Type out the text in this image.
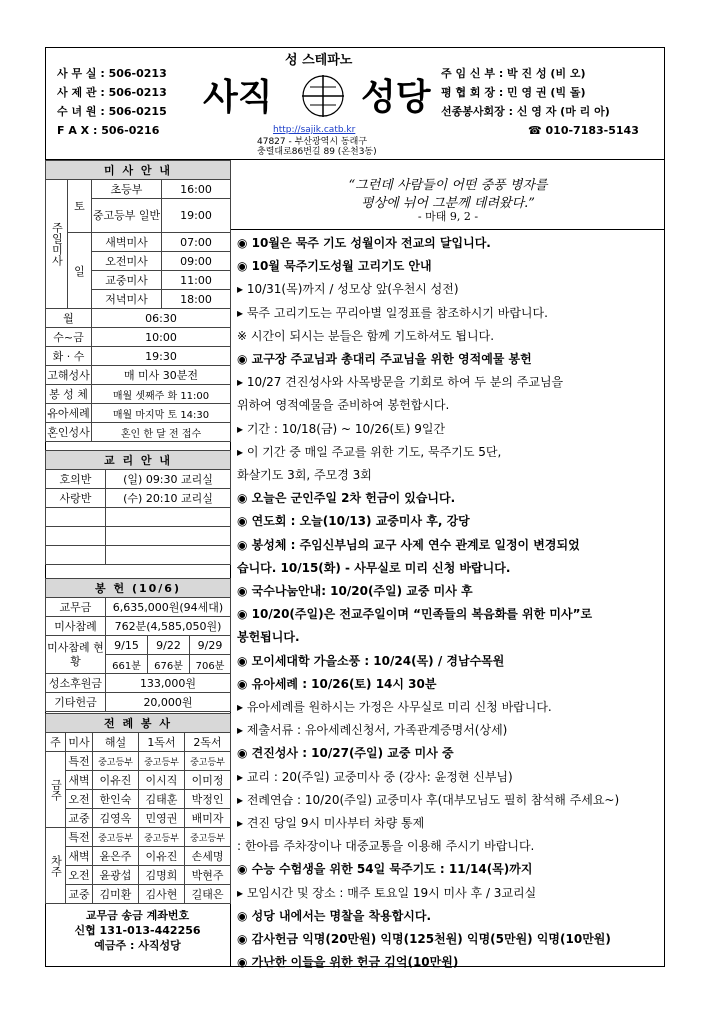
성 스테파노
사 무 실 : 506-0213
사 제 관 : 506-0213
수 녀 원 : 506-0215
F A X : 506-0216
사직 성당
http://sajik.catb.kr
47827 - 부산광역시 동래구
충렬대로86번길 89 (온천3동)
주 임 신 부 : 박 진 성 (비 오)
평 협 회 장 : 민 영 권 (빅 돌)
선종봉사회장 : 신 영 자 (마 리 아)
☎ 010-7183-5143
미 사 안 내			
주일미사	토	초등부	16:00
		중고등부 일반	19:00
	일	새벽미사	07:00
		오전미사	09:00
		교중미사	11:00
		저녁미사	18:00
월		06:30	
수~금		10:00	
화 · 수		19:30	
고해성사		매 미사 30분전	
봉 성 체		매월 셋째주 화 11:00	
유아세례		매월 마지막 토 14:30	
혼인성사		혼인 한 달 전 접수	
교 리 안 내	
호의반	(일) 09:30 교리실
사랑반	(수) 20:10 교리실

봉 헌 (10/6)			
교무금	6,635,000원(94세대)		
미사참례	762분(4,585,050원)		
미사참례 현황	9/15	9/22	9/29
	661분	676분	706분
성소후원금	133,000원		
기타헌금	20,000원		
전 례 봉 사				
주	미사	해설	1독서	2독서
금주	특전	중고등부	중고등부	중고등부
	새벽	이유진	이시직	이미정
	오전	한인숙	김태훈	박정인
	교중	김영옥	민영권	배미자
차주	특전	중고등부	중고등부	중고등부
	새벽	윤은주	이유진	손세명
	오전	윤광섭	김명희	박현주
	교중	김미환	김사현	길태은
교무금 송금 계좌번호
신협 131-013-442256
예금주 : 사직성당
“그런데 사람들이 어떤 중풍 병자를
평상에 뉘어 그분께 데려왔다.”
- 마태 9, 2 -
◉ 10월은 묵주 기도 성월이자 전교의 달입니다.
◉ 10월 묵주기도성월 고리기도 안내
▸ 10/31(목)까지 / 성모상 앞(우천시 성전)
▸ 묵주 고리기도는 꾸리아별 일정표를 참조하시기 바랍니다.
※ 시간이 되시는 분들은 함께 기도하셔도 됩니다.
◉ 교구장 주교님과 총대리 주교님을 위한 영적예물 봉헌
▸ 10/27 견진성사와 사목방문을 기회로 하여 두 분의 주교님을
위하여 영적예물을 준비하여 봉헌합시다.
▸ 기간 : 10/18(금) ~ 10/26(토) 9일간
▸ 이 기간 중 매일 주교를 위한 기도, 묵주기도 5단,
화살기도 3회, 주모경 3회
◉ 오늘은 군인주일 2차 헌금이 있습니다.
◉ 연도회 : 오늘(10/13) 교중미사 후, 강당
◉ 봉성체 : 주임신부님의 교구 사제 연수 관계로 일정이 변경되었
습니다. 10/15(화) - 사무실로 미리 신청 바랍니다.
◉ 국수나눔안내: 10/20(주일) 교중 미사 후
◉ 10/20(주일)은 전교주일이며 “민족들의 복음화를 위한 미사”로
봉헌됩니다.
◉ 모이세대학 가을소풍 : 10/24(목) / 경남수목원
◉ 유아세례 : 10/26(토) 14시 30분
▸ 유아세례를 원하시는 가정은 사무실로 미리 신청 바랍니다.
▸ 제출서류 : 유아세례신청서, 가족관계증명서(상세)
◉ 견진성사 : 10/27(주일) 교중 미사 중
▸ 교리 : 20(주일) 교중미사 중 (강사: 윤정현 신부님)
▸ 전례연습 : 10/20(주일) 교중미사 후(대부모님도 필히 참석해 주세요~)
▸ 견진 당일 9시 미사부터 차량 통제
: 한아름 주차장이나 대중교통을 이용해 주시기 바랍니다.
◉ 수능 수험생을 위한 54일 묵주기도 : 11/14(목)까지
▸ 모임시간 및 장소 : 매주 토요일 19시 미사 후 / 3교리실
◉ 성당 내에서는 명찰을 착용합시다.
◉ 감사헌금 익명(20만원) 익명(125천원) 익명(5만원) 익명(10만원)
◉ 가난한 이들을 위한 헌금 김억(10만원)
